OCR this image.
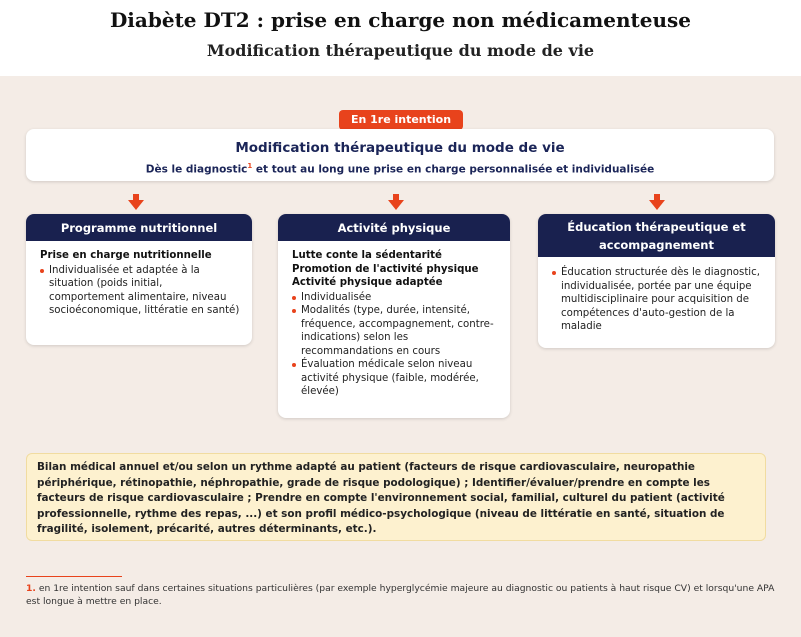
Diabète DT2 : prise en charge non médicamenteuse
Modification thérapeutique du mode de vie
En 1re intention
Modification thérapeutique du mode de vie
Dès le diagnostic$^1$ et tout au long une prise en charge personnalisée et individualisée
Programme nutritionnel
Prise en charge nutritionnelle
Individualisée et adaptée à la situation (poids initial, comportement alimentaire, niveau socioéconomique, littératie en santé)
Activité physique
Lutte conte la sédentarité
Promotion de l'activité physique
Activité physique adaptée
Individualisée
Modalités (type, durée, intensité, fréquence, accompagnement, contre-indications) selon les recommandations en cours
Évaluation médicale selon niveau activité physique (faible, modérée, élevée)
Éducation thérapeutique et accompagnement
Éducation structurée dès le diagnostic, individualisée, portée par une équipe multidisciplinaire pour acquisition de compétences d'auto-gestion de la maladie
Bilan médical annuel et/ou selon un rythme adapté au patient (facteurs de risque cardiovasculaire, neuropathie périphérique, rétinopathie, néphropathie, grade de risque podologique) ; Identifier/évaluer/prendre en compte les facteurs de risque cardiovasculaire ; Prendre en compte l'environnement social, familial, culturel du patient (activité professionnelle, rythme des repas, ...) et son profil médico-psychologique (niveau de littératie en santé, situation de fragilité, isolement, précarité, autres déterminants, etc.).
1. en 1re intention sauf dans certaines situations particulières (par exemple hyperglycémie majeure au diagnostic ou patients à haut risque CV) et lorsqu'une APA est longue à mettre en place.
